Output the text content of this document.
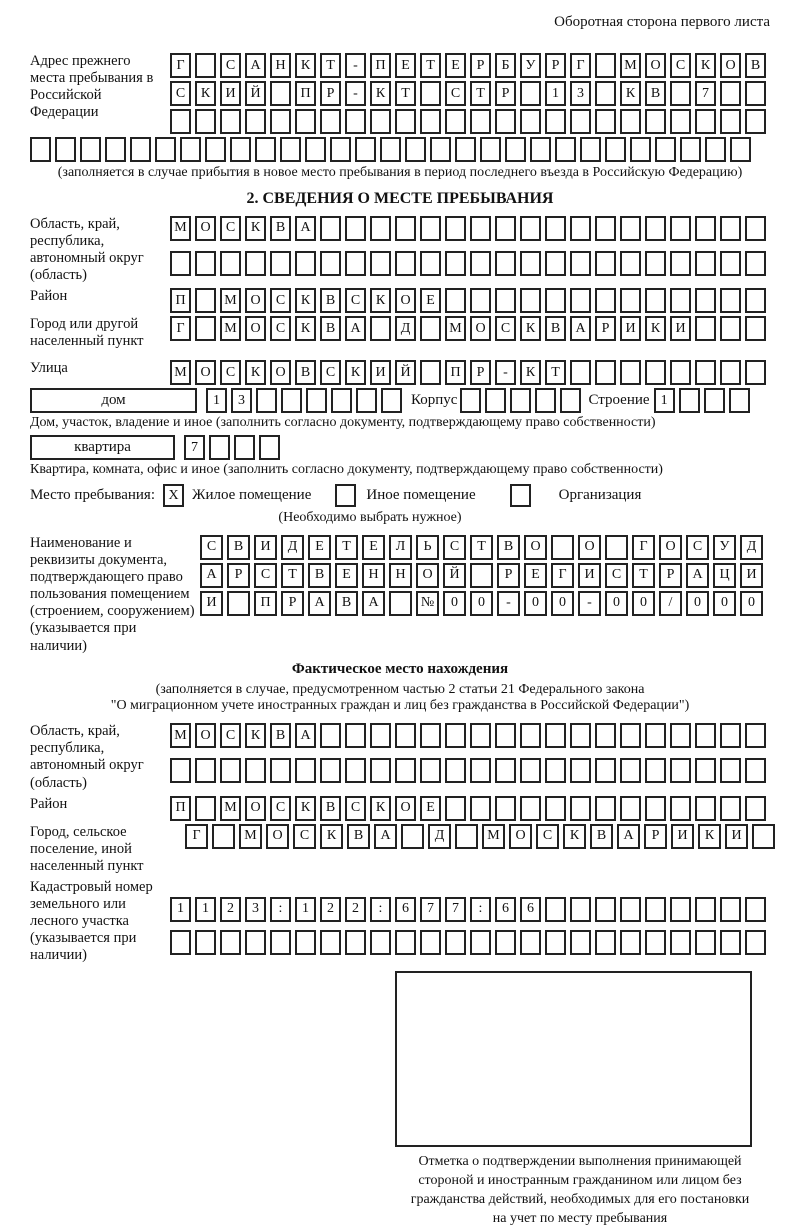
Оборотная сторона первого листа
Адрес прежнего места пребывания в Российской Федерации
Г	С	А	Н	К	Т	-	П	Е	Т	Е	Р	Б	У	Р	Г	М О	С	К	О	В
С	К	И	Й	П	Р	-	К	Т	С	Т	Р	1	3	К	В	7
(заполняется в случае прибытия в новое место пребывания в период последнего въезда в Российскую Федерацию)
2. СВЕДЕНИЯ О МЕСТЕ ПРЕБЫВАНИЯ
Область, край, республика, автономный округ (область)
М О	С	К	В	А
Район	П	М О	С	К	В	С	К	О	Е
Город или другой населенный пункт
Г	М О	С	К	В	А	Д	М О	С	К	В	А	Р	И	К	И
Улица	М О	С	К	О	В	С	К	И	Й	П	Р	-	К	Т
дом	1	3	Корпус	Строение 1
Дом, участок, владение и иное (заполнить согласно документу, подтверждающему право собственности)
квартира	7
Квартира, комната, офис и иное (заполнить согласно документу, подтверждающему право собственности)
Место пребывания: X Жилое помещение	Иное помещение	Организация
(Необходимо выбрать нужное)
Наименование и реквизиты документа, подтверждающего право пользования помещением (строением, сооружением) (указывается при наличии)
С	В	И	Д	Е	Т	Е	Л	Ь	С	Т	В	О	О	Г	О	С	У	Д
А	Р	С	Т	В	Е	Н	Н	О	Й	Р	Е	Г	И	С	Т	Р	А	Ц	И
И	П	Р	А	В	А	№	0	0	-	0	0	-	0	0	/	0	0	0
Фактическое место нахождения
(заполняется в случае, предусмотренном частью 2 статьи 21 Федерального закона
"О миграционном учете иностранных граждан и лиц без гражданства в Российской Федерации")
Область, край, республика, автономный округ (область)
М О	С	К	В	А
Район	П	М О	С	К	В	С	К	О	Е
Город, сельское поселение, иной населенный пункт
Г	М	О	С	К	В	А	Д	М	О	С	К	В	А	Р	И	К	И
Кадастровый номер земельного или лесного участка (указывается при наличии)
1	1	2	3	:	1	2	2	:	6	7	7	:	6	6
Отметка о подтверждении выполнения принимающей
стороной и иностранным гражданином или лицом без
гражданства действий, необходимых для его постановки
на учет по месту пребывания
